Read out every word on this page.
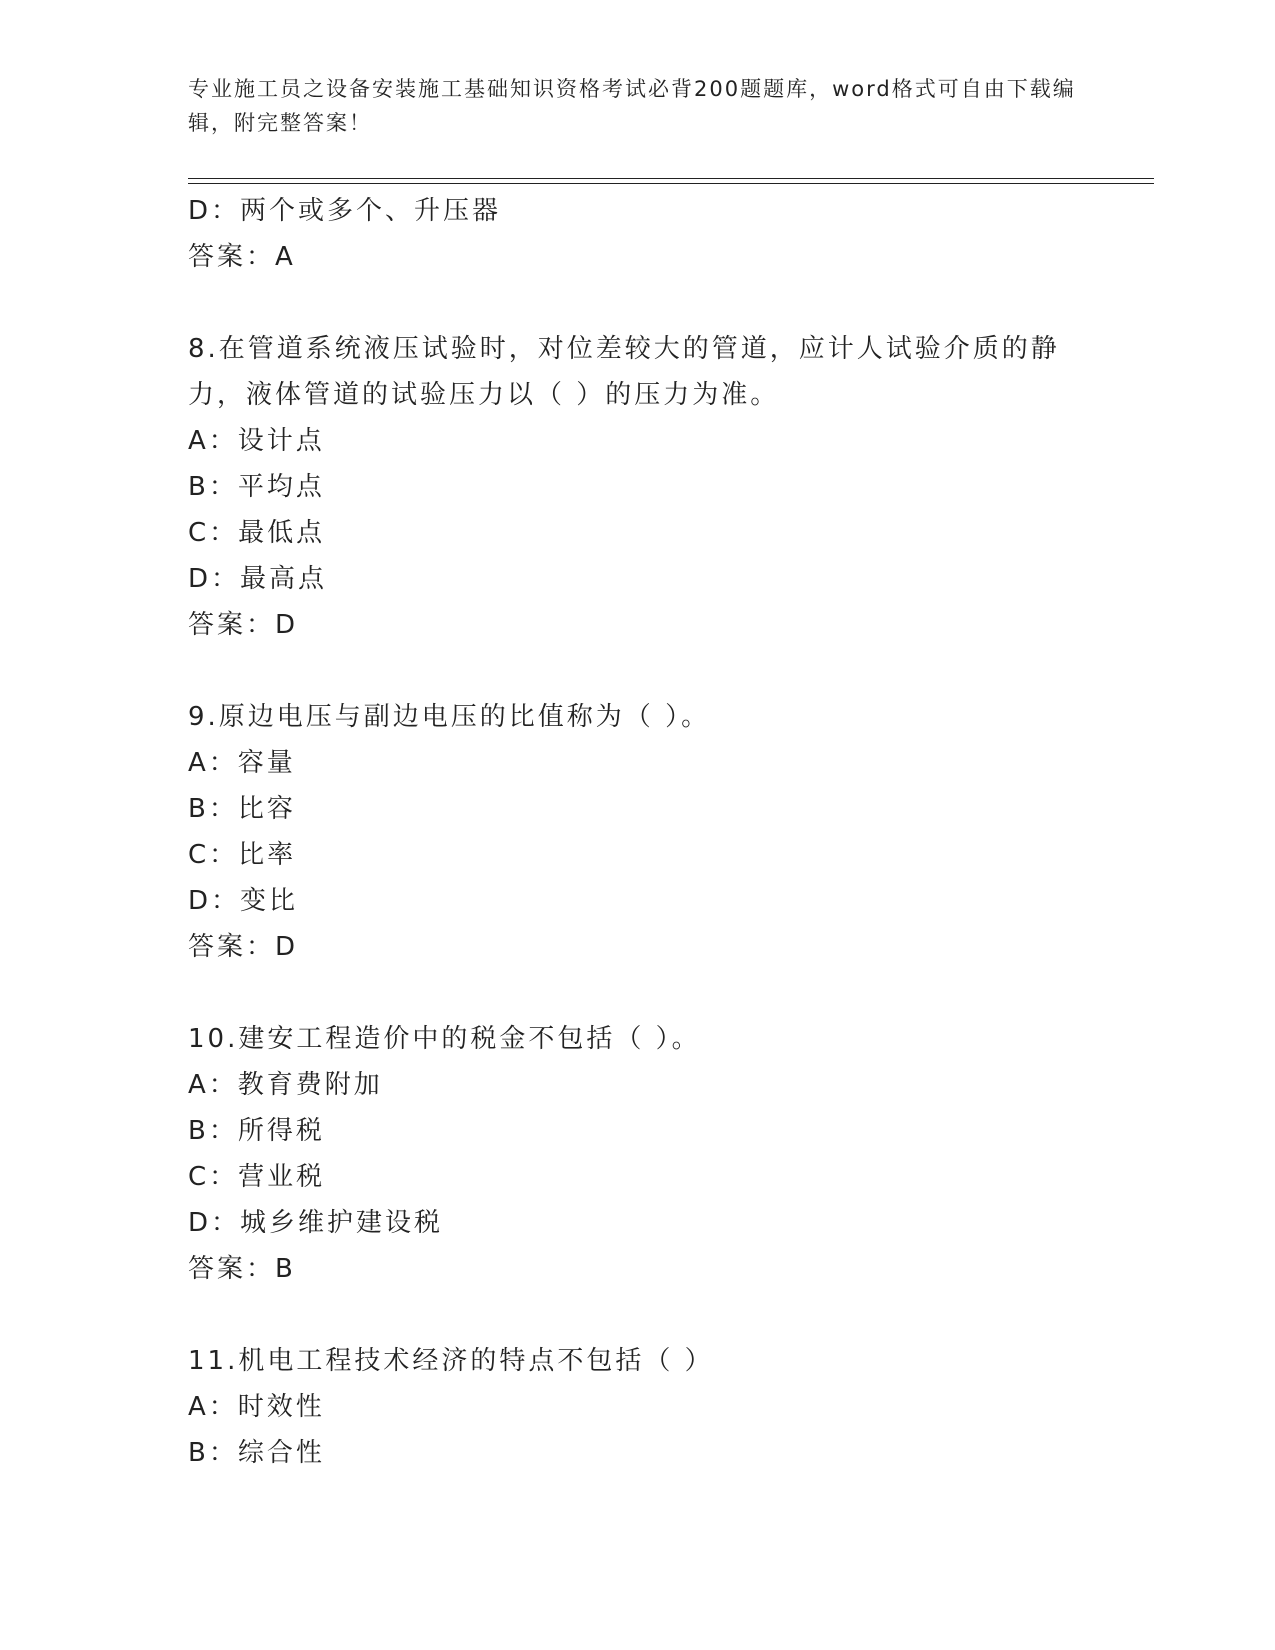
专业施工员之设备安装施工基础知识资格考试必背200题题库，word格式可自由下载编辑，附完整答案！

D：两个或多个、升压器

答案：A

8.在管道系统液压试验时，对位差较大的管道，应计人试验介质的静力，液体管道的试验压力以（ ）的压力为准。

A：设计点

B：平均点

C：最低点

D：最高点

答案：D

9.原边电压与副边电压的比值称为（ ）。

A：容量

B：比容

C：比率

D：变比

答案：D

10.建安工程造价中的税金不包括（ ）。

A：教育费附加

B：所得税

C：营业税

D：城乡维护建设税

答案：B

11.机电工程技术经济的特点不包括（ ）

A：时效性

B：综合性
